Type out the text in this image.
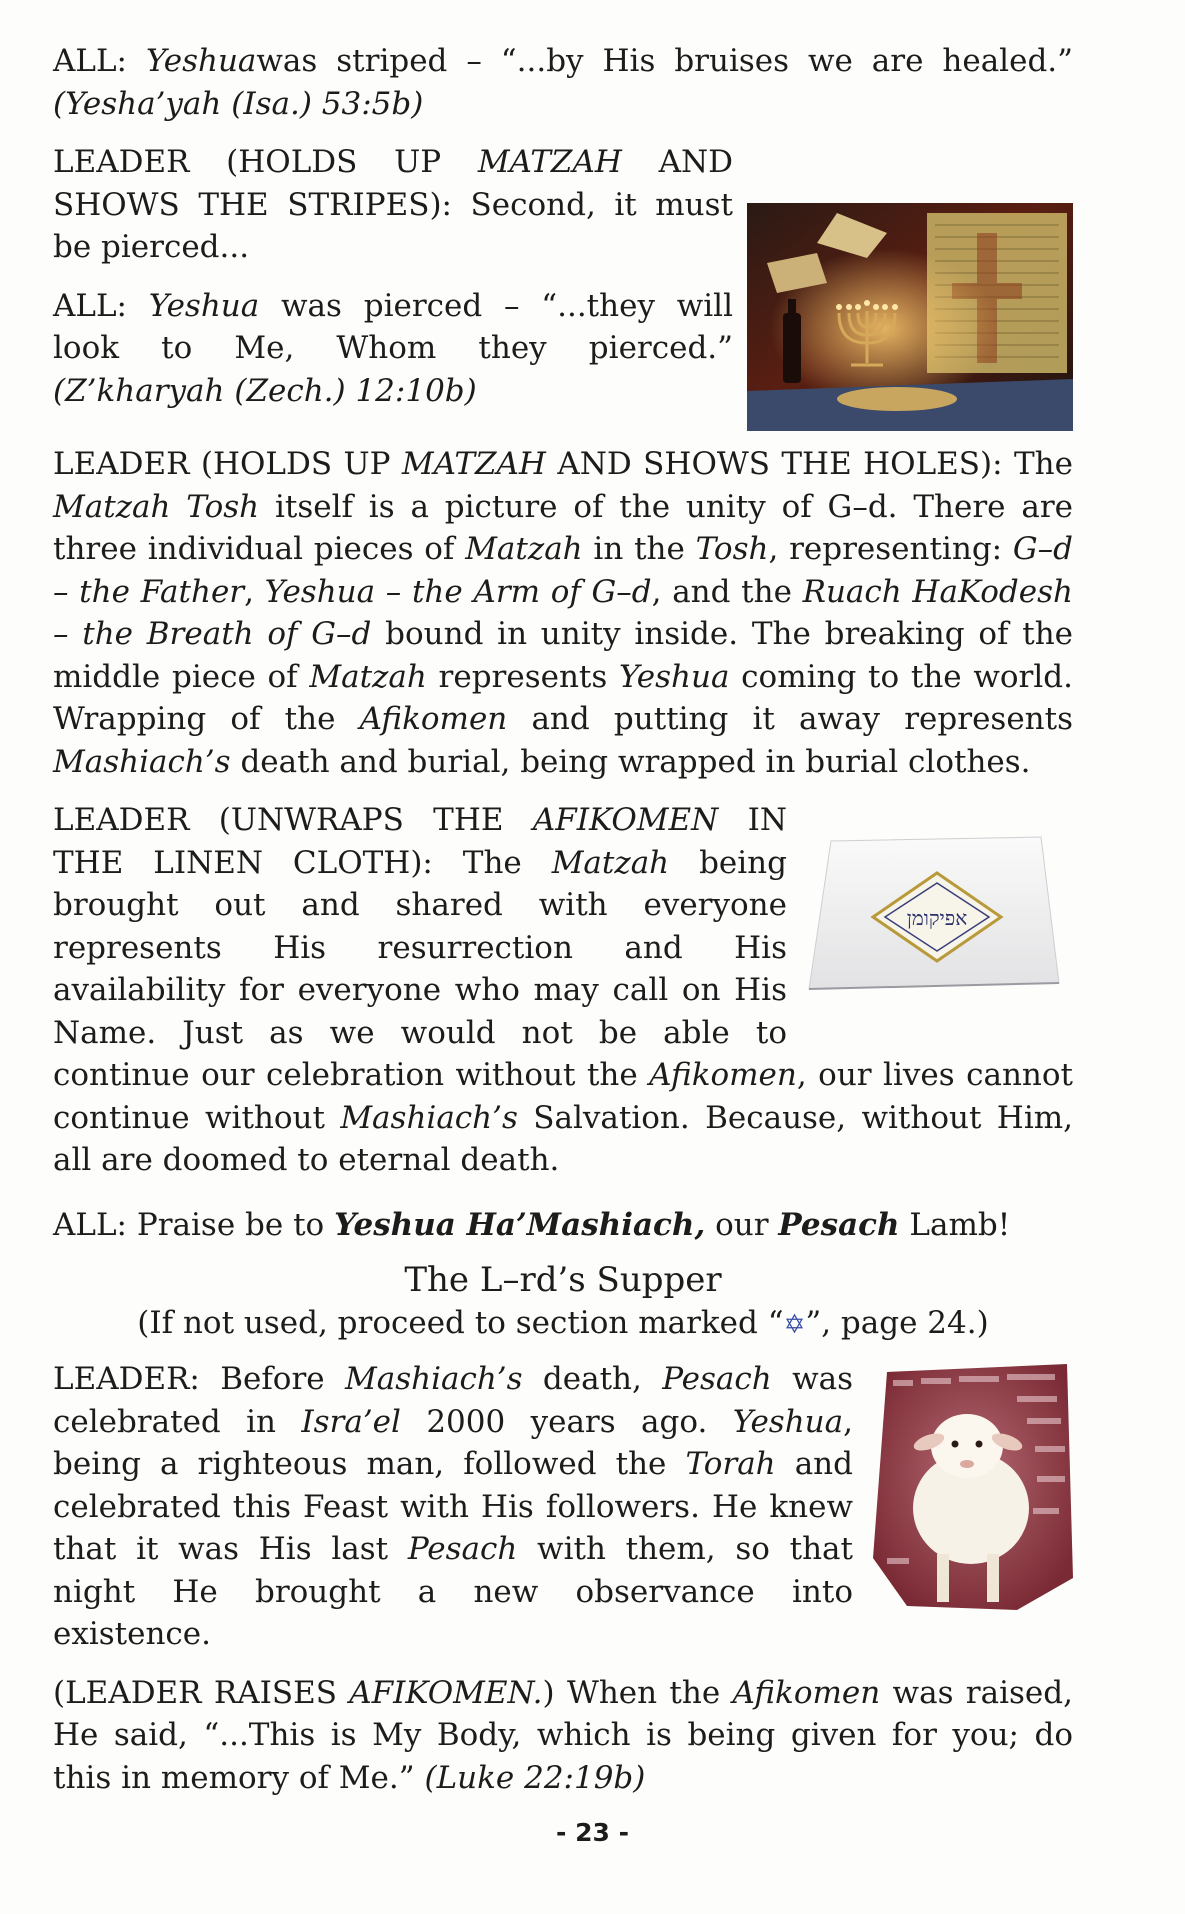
ALL: Yeshuawas striped – “...by His bruises we are healed.” (Yesha’yah (Isa.) 53:5b)

LEADER (HOLDS UP MATZAH AND SHOWS THE STRIPES): Second, it must be pierced...

ALL: Yeshua was pierced – “...they will look to Me, Whom they pierced.” (Z’kharyah (Zech.) 12:10b)

LEADER (HOLDS UP MATZAH AND SHOWS THE HOLES): The Matzah Tosh itself is a picture of the unity of G–d. There are three individual pieces of Matzah in the Tosh, representing: G–d – the Father, Yeshua – the Arm of G–d, and the Ruach HaKodesh – the Breath of G–d bound in unity inside. The breaking of the middle piece of Matzah represents Yeshua coming to the world. Wrapping of the Afikomen and putting it away represents Mashiach’s death and burial, being wrapped in burial clothes.

אפיקומן

LEADER (UNWRAPS THE AFIKOMEN IN THE LINEN CLOTH): The Matzah being brought out and shared with everyone represents His resurrection and His availability for everyone who may call on His Name. Just as we would not be able to continue our celebration without the Afikomen, our lives cannot continue without Mashiach’s Salvation. Because, without Him, all are doomed to eternal death.

ALL: Praise be to Yeshua Ha’Mashiach, our Pesach Lamb!

The L–rd’s Supper

(If not used, proceed to section marked “✡”, page 24.)

LEADER: Before Mashiach’s death, Pesach was celebrated in Isra’el 2000 years ago. Yeshua, being a righteous man, followed the Torah and celebrated this Feast with His followers. He knew that it was His last Pesach with them, so that night He brought a new observance into existence.

(LEADER RAISES AFIKOMEN.) When the Afikomen was raised, He said, “...This is My Body, which is being given for you; do this in memory of Me.” (Luke 22:19b)

- 23 -
